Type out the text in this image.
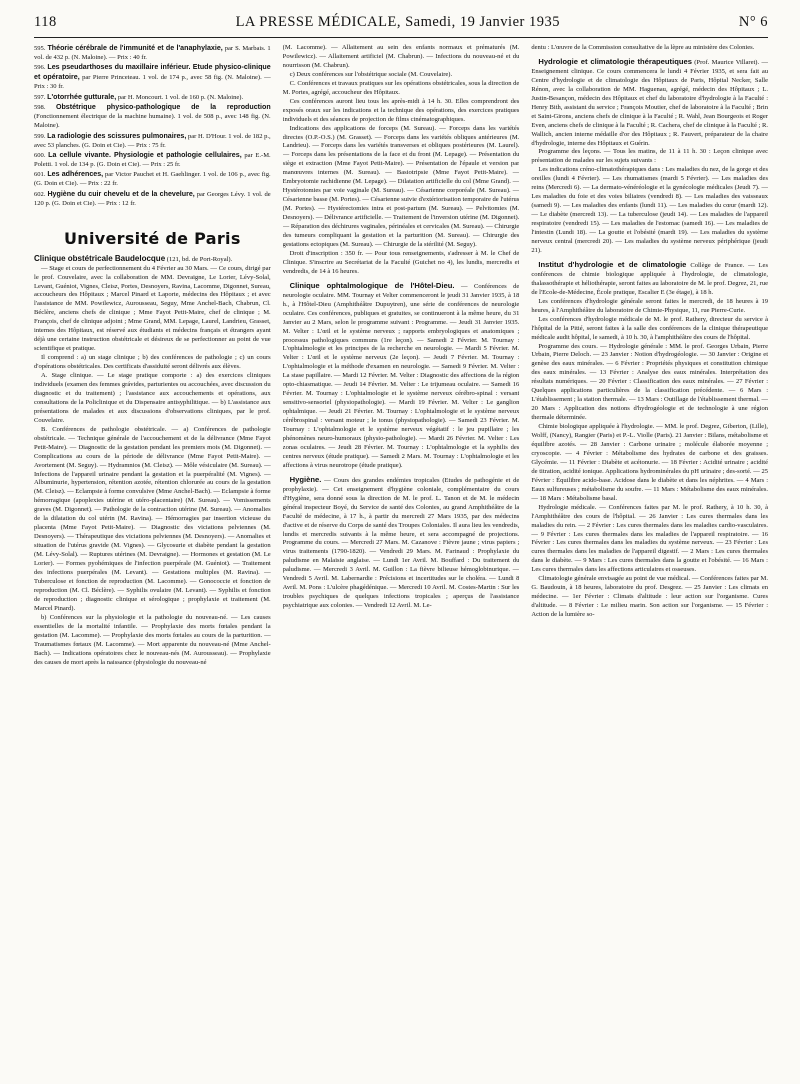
118	LA PRESSE MÉDICALE, Samedi, 19 Janvier 1935	N° 6

595. Théorie cérébrale de l'immunité et de l'anaphylaxie, par S. Marbais. 1 vol. de 432 p. (N. Maloine). — Prix : 40 fr.

596. Les pseudarthoses du maxillaire inférieur. Etude physico-clinique et opératoire, par Pierre Princeteau. 1 vol. de 174 p., avec 58 fig. (N. Maloine). — Prix : 30 fr.

597. L'otorrhée gutturale, par H. Moncourt. 1 vol. de 160 p. (N. Maloine).

598. Obstétrique physico-pathologique de la reproduction (Fonctionnement électrique de la machine humaine). 1 vol. de 508 p., avec 148 fig. (N. Maloine).

599. La radiologie des scissures pulmonaires, par H. D'Hour. 1 vol. de 182 p., avec 53 planches. (G. Doin et Cie). — Prix : 75 fr.

600. La cellule vivante. Physiologie et pathologie cellulaires, par E.-M. Poletti. 1 vol. de 134 p. (G. Doin et Cie). — Prix : 25 fr.

601. Les adhérences, par Victor Pauchet et H. Gaehlinger. 1 vol. de 106 p., avec fig. (G. Doin et Cie). — Prix : 22 fr.

602. Hygiène du cuir chevelu et de la chevelure, par Georges Lévy. 1 vol. de 120 p. (G. Doin et Cie). — Prix : 12 fr.

Université de Paris

Clinique obstétricale Baudelocque (121, bd. de Port-Royal).

— Stage et cours de perfectionnement du 4 Février au 30 Mars. — Ce cours, dirigé par le prof. Couvelaire, avec la collaboration de MM. Devraigne, Le Lorier, Lévy-Solal, Levant, Guéniot, Vignes, Cleisz, Portes, Desnoyers, Ravina, Lacomme, Digonnet, Sureau, accoucheurs des Hôpitaux ; Marcel Pinard et Laporte, médecins des Hôpitaux ; et avec l'assistance de MM. Powilewicz, Aurousseau, Seguy, Mme Anchel-Bach, Chabrun, Cl. Béclère, anciens chefs de clinique ; Mme Fayot Petit-Maire, chef de clinique ; M. François, chef de clinique adjoint ; Mme Grand, MM. Lepage, Laurel, Landrieu, Grasset, internes des Hôpitaux, est réservé aux étudiants et médecins français et étrangers ayant déjà une certaine instruction obstétricale et désireux de se perfectionner au point de vue scientifique et pratique.

Il comprend : a) un stage clinique ; b) des conférences de pathologie ; c) un cours d'opérations obstétricales. Des certificats d'assiduité seront délivrés aux élèves.

A. Stage clinique. — Le stage pratique comporte : a) des exercices cliniques individuels (examen des femmes grávides, parturientes ou accouchées, avec discussion du diagnostic et du traitement) ; l'assistance aux accouchements et opérations, aux consultations de la Policlinique et du Dispensaire antisyphilitique. — b) L'assistance aux présentations de malades et aux discussions d'observations cliniques, par le prof. Couvelaire.

B. Conférences de pathologie obstétricale. — a) Conférences de pathologie obstétricale. — Technique générale de l'accouchement et de la délivrance (Mme Fayot Petit-Maire). — Diagnostic de la gestation pendant les premiers mois (M. Digonnet). — Complications au cours de la période de délivrance (Mme Fayot Petit-Maire). — Avortement (M. Seguy). — Hydramnios (M. Cleisz). — Môle vésiculaire (M. Sureau). — Infections de l'appareil urinaire pendant la gestation et la puerpéralité (M. Vignes). — Albuminurie, hypertension, rétention azotée, rétention chlorurée au cours de la gestation (M. Cleisz). — Eclampsie à forme convulsive (Mme Anchel-Bach). — Eclampsie à forme hémorragique (apoplexies utérine et utéro-placentaire) (M. Sureau). — Vomissements graves (M. Digonnet). — Pathologie de la contraction utérine (M. Sureau). — Anomalies de la dilatation du col utérin (M. Ravina). — Hémorragies par insertion vicieuse du placenta (Mme Fayot Petit-Maire). — Diagnostic des viciations pelviennes (M. Desnoyers). — Thérapeutique des viciations pelviennes (M. Desnoyers). — Anomalies et situation de l'utérus gravide (M. Vignes). — Glycosurie et diabète pendant la gestation (M. Lévy-Solal). — Ruptures utérines (M. Devraigne). — Hormones et gestation (M. Le Lorier). — Formes pyohémiques de l'infection puerpérale (M. Guéniot). — Traitement des infections puerpérales (M. Levant). — Gestations multiples (M. Ravina). — Tuberculose et fonction de reproduction (M. Lacomme). — Gonococcie et fonction de reproduction (M. Cl. Béclère). — Syphilis ovulaire (M. Levant). — Syphilis et fonction de reproduction ; diagnostic clinique et sérologique ; prophylaxie et traitement (M. Marcel Pinard).

b) Conférences sur la physiologie et la pathologie du nouveau-né. — Les causes essentielles de la mortalité infantile. — Prophylaxie des morts fœtales pendant la gestation (M. Lacomme). — Prophylaxie des morts fœtales au cours de la parturition. — Traumatismes fœtaux (M. Lacomme). — Mort apparente du nouveau-né (Mme Anchel-Bach). — Indications opératoires chez le nouveau-nés (M. Aurousseau). — Prophylaxie des causes de mort après la naissance (physiologie du nouveau-né

(M. Lacomme). — Allaitement au sein des enfants normaux et prématurés (M. Powilewicz). — Allaitement artificiel (M. Chabrun). — Infections du nouveau-né et du nourrisson (M. Chabrun).

c) Deux conférences sur l'obstétrique sociale (M. Couvelaire).

C. Conférences et travaux pratiques sur les opérations obstétricales, sous la direction de M. Portes, agrégé, accoucheur des Hôpitaux.

Ces conférences auront lieu tous les après-midi à 14 h. 30. Elles comprendront des exposés oraux sur les indications et la technique des opérations, des exercices pratiques individuels et des séances de projection de films cinématographiques.

Indications des applications de forceps (M. Sureau). — Forceps dans les variétés directes (O.P.-O.S.) (M. Grasset). — Forceps dans les variétés obliques antérieures (M. Landrieu). — Forceps dans les variétés transverses et obliques postérieures (M. Laurel). — Forceps dans les présentations de la face et du front (M. Lepage). — Présentation du siège et extraction (Mme Fayot Petit-Maire). — Présentation de l'épaule et version par manœuvres internes (M. Sureau). — Basiotripsie (Mme Fayot Petit-Maire). — Embryotomie rachidienne (M. Lepage). — Dilatation artificielle du col (Mme Grand). — Hystérotomies par voie vaginale (M. Sureau). — Césarienne corporéale (M. Sureau). — Césarienne basse (M. Portes). — Césarienne suivie d'extériorisation temporaire de l'utérus (M. Portes). — Hystérectomies intra et post-partum (M. Sureau). — Pelvitomies (M. Desnoyers). — Délivrance artificielle. — Traitement de l'inversion utérine (M. Digonnet). — Réparation des déchirures vaginales, périnéales et cervicales (M. Sureau). — Chirurgie des tumeurs compliquant la gestation et la parturition (M. Sureau). — Chirurgie des gestations ectopiques (M. Sureau). — Chirurgie de la stérilité (M. Seguy).

Droit d'inscription : 350 fr. — Pour tous renseignements, s'adresser à M. le Chef de Clinique. S'inscrire au Secrétariat de la Faculté (Guichet no 4), les lundis, mercredis et vendredis, de 14 à 16 heures.

Clinique ophtalmologique de l'Hôtel-Dieu. — Conférences de neurologie oculaire. MM. Tournay et Velter commenceront le jeudi 31 Janvier 1935, à 18 h., à l'Hôtel-Dieu (Amphithéâtre Dupuytren), une série de conférences de neurologie oculaire. Ces conférences, publiques et gratuites, se continueront à la même heure, du 31 Janvier au 2 Mars, selon le programme suivant : Programme. — Jeudi 31 Janvier 1935. M. Velter : L'œil et le système nerveux ; rapports embryologiques et anatomiques ; processus pathologiques communs (1re leçon). — Samedi 2 Février. M. Tournay : L'ophtalmologie et les principes de la recherche en neurologie. — Mardi 5 Février. M. Velter : L'œil et le système nerveux (2e leçon). — Jeudi 7 Février. M. Tournay : L'ophtalmologie et la méthode d'examen en neurologie. — Samedi 9 Février. M. Velter : La stase papillaire. — Mardi 12 Février. M. Velter : Diagnostic des affections de la région opto-chiasmatique. — Jeudi 14 Février. M. Velter : Le trijumeau oculaire. — Samedi 16 Février. M. Tournay : L'ophtalmologie et le système nerveux cérébro-spinal : versant sensitivo-sensoriel (physiopathologie). — Mardi 19 Février. M. Velter : Le ganglion ophtalmique. — Jeudi 21 Février. M. Tournay : L'ophtalmologie et le système nerveux cérébrospinal : versant moteur ; le tonus (physiopathologie). — Samedi 23 Février. M. Tournay : L'ophtalmologie et le système nerveux végétatif : le jeu pupillaire ; les phénomènes neuro-humoraux (physio-pathologie). — Mardi 26 Février. M. Velter : Les zonas oculaires. — Jeudi 28 Février. M. Tournay : L'ophtalmologie et la syphilis des centres nerveux (étude pratique). — Samedi 2 Mars. M. Tournay : L'ophtalmologie et les affections à virus neurotrope (étude pratique).

Hygiène. — Cours des grandes endémies tropicales (Etudes de pathogénie et de prophylaxie). — Cet enseignement d'hygiène coloniale, complémentaire du cours d'Hygiène, sera donné sous la direction de M. le prof. L. Tanon et de M. le médecin général inspecteur Boyé, du Service de santé des Colonies, au grand Amphithéâtre de la Faculté de médecine, à 17 h., à partir du mercredi 27 Mars 1935, par des médecins d'active et de réserve du Corps de santé des Troupes Coloniales. Il aura lieu les vendredis, lundis et mercredis suivants à la même heure, et sera accompagné de projections. Programme du cours. — Mercredi 27 Mars. M. Cazanove : Fièvre jaune ; virus papiers ; virus traitements (1790-1820). — Vendredi 29 Mars. M. Farinaud : Prophylaxie du paludisme en Malaisie anglaise. — Lundi 1er Avril. M. Bouffard : Du traitement du paludisme. — Mercredi 3 Avril. M. Guillon : La fièvre bilieuse hémoglobinurique. — Vendredi 5 Avril. M. Labernardie : Précisions et incertitudes sur le choléra. — Lundi 8 Avril. M. Pons : L'ulcère phagédénique. — Mercredi 10 Avril. M. Costes-Martin : Sur les troubles psychiques de quelques infections tropicales ; aperçus de l'assistance psychiatrique aux colonies. — Vendredi 12 Avril. M. Le-

dentu : L'œuvre de la Commission consultative de la lèpre au ministère des Colonies.

Hydrologie et climatologie thérapeutiques (Prof. Maurice Villaret). — Enseignement clinique. Ce cours commencera le lundi 4 Février 1935, et sera fait au Centre d'hydrologie et de climatologie des Hôpitaux de Paris, Hôpital Necker, Salle Rénon, avec la collaboration de MM. Haguenau, agrégé, médecin des Hôpitaux ; L. Justin-Besançon, médecin des Hôpitaux et chef du laboratoire d'hydrologie à la Faculté : Henry Bith, assistant du service ; François Moutier, chef de laboratoire à la Faculté ; Brin et Saint-Girons, anciens chefs de clinique à la Faculté ; R. Wahl, Jean Bourgeois et Roger Even, anciens chefs de clinique à la Faculté ; R. Cachera, chef de clinique à la Faculté ; R. Wallich, ancien interne médaille d'or des Hôpitaux ; R. Fauvert, préparateur de la chaire d'hydrologie, interne des Hôpitaux et Guérin.

Programme des leçons. — Tous les matins, de 11 à 11 h. 30 : Leçon clinique avec présentation de malades sur les sujets suivants :

Les indications créno-climatothérapiques dans : Les maladies du nez, de la gorge et des oreilles (lundi 4 Février). — Les rhumatismes (mardi 5 Février). — Les maladies des reins (Mercredi 6). — La dermato-vénéréologie et la gynécologie médicales (Jeudi 7). — Les maladies du foie et des voies biliaires (vendredi 8). — Les maladies des vaisseaux (samedi 9). — Les maladies des enfants (lundi 11). — Les maladies du cœur (mardi 12). — Le diabète (mercredi 13). — La tuberculose (jeudi 14). — Les maladies de l'appareil respiratoire (vendredi 15). — Les maladies de l'estomac (samedi 16). — Les maladies de l'intestin (Lundi 18). — La goutte et l'obésité (mardi 19). — Les maladies du système nerveux central (mercredi 20). — Les maladies du système nerveux périphérique (jeudi 21).

Institut d'hydrologie et de climatologie Collège de France. — Les conférences de chimie biologique appliquée à l'hydrologie, de climatologie, thalassothérapie et héliothérapie, seront faites au laboratoire de M. le prof. Degrez, 21, rue de l'Ecole-de-Médecine, École pratique, Escalier E (3e étage), à 18 h.

Les conférences d'hydrologie générale seront faites le mercredi, de 18 heures à 19 heures, à l'Amphithéâtre du laboratoire de Chimie-Physique, 11, rue Pierre-Curie.

Les conférences d'hydrologie médicale de M. le prof. Rathery, directeur du service à l'hôpital de la Pitié, seront faites à la salle des conférences de la clinique thérapeutique médicale audit hôpital, le samedi, à 10 h. 30, à l'amphithéâtre des cours de l'hôpital.

Programme des cours. — Hydrologie générale : MM. le prof. Georges Urbain, Pierre Urbain, Pierre Deloch. — 23 Janvier : Notion d'hydrogéologie. — 30 Janvier : Origine et genèse des eaux minérales. — 6 Février : Propriétés physiques et constitution chimique des eaux minérales. — 13 Février : Analyse des eaux minérales. Interprétation des résultats numériques. — 20 Février : Classification des eaux minérales. — 27 Février : Quelques applications particulières de la classification précédente. — 6 Mars : L'établissement ; la station thermale. — 13 Mars : Outillage de l'établissement thermal. — 20 Mars : Application des notions d'hydrogéologie et de technologie à une région thermale déterminée.

Chimie biologique appliquée à l'hydrologie. — MM. le prof. Degrez, Giberton, (Lille), Wolff, (Nancy), Rangier (Paris) et P.-L. Violle (Paris). 21 Janvier : Bilans, métabolisme et équilibre azotés. — 28 Janvier : Carbone urinaire ; molécule élaborée moyenne ; cryoscopie. — 4 Février : Métabolisme des hydrates de carbone et des graisses. Glycémie. — 11 Février : Diabète et acétonurie. — 18 Février : Acidité urinaire ; acidité de titration, acidité ionique. Applications hydrominérales du pH urinaire ; des-sorté. — 25 Février : Équilibre acido-base. Acidose dans le diabète et dans les néphrites. — 4 Mars : Eaux sulfureuses ; métabolisme du soufre. — 11 Mars : Métabolisme des eaux minérales. — 18 Mars : Métabolisme basal.

Hydrologie médicale. — Conférences faites par M. le prof. Rathery, à 10 h. 30, à l'Amphithéâtre des cours de l'hôpital. — 26 Janvier : Les cures thermales dans les maladies du rein. — 2 Février : Les cures thermales dans les maladies cardio-vasculaires. — 9 Février : Les cures thermales dans les maladies de l'appareil respiratoire. — 16 Février : Les cures thermales dans les maladies du système nerveux. — 23 Février : Les cures thermales dans les maladies de l'appareil digestif. — 2 Mars : Les cures thermales dans le diabète. — 9 Mars : Les cures thermales dans la goutte et l'obésité. — 16 Mars : Les cures thermales dans les affections articulaires et osseuses.

Climatologie générale envisagée au point de vue médical. — Conférences faites par M. G. Baudouin, à 18 heures, laboratoire du prof. Desgrez. — 25 Janvier : Les climats en médecine. — 1er Février : Climats d'altitude : leur action sur l'organisme. Cures d'altitude. — 8 Février : Le milieu marin. Son action sur l'organisme. — 15 Février : Action de la lumière so-
